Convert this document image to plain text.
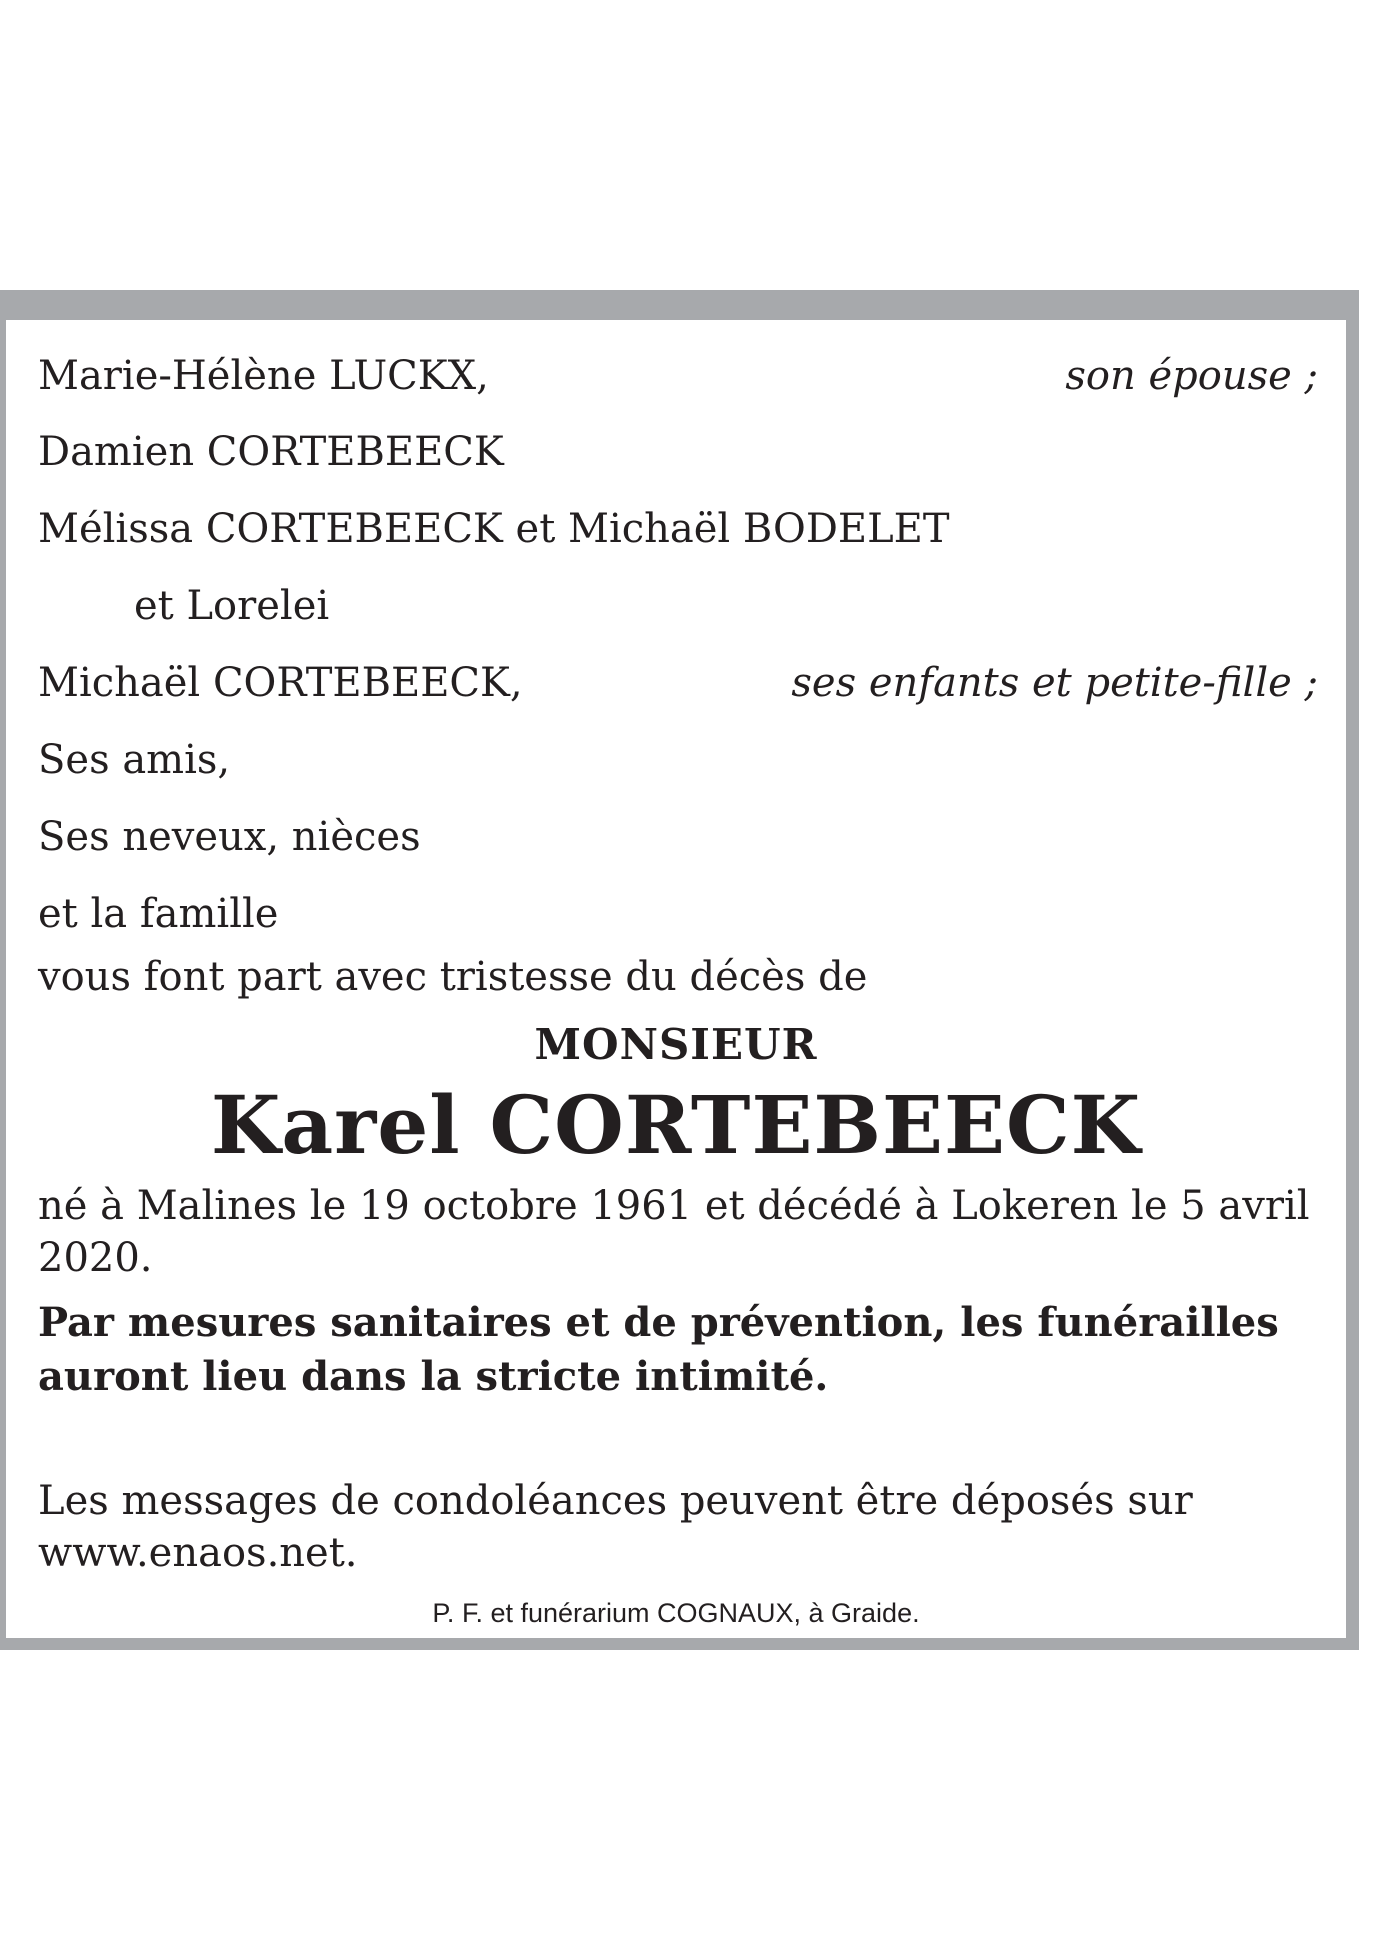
Marie-Hélène LUCKX,	son épouse ;
Damien CORTEBEECK
Mélissa CORTEBEECK et Michaël BODELET
et Lorelei
Michaël CORTEBEECK,	ses enfants et petite-fille ;
Ses amis,
Ses neveux, nièces
et la famille
vous font part avec tristesse du décès de
MONSIEUR
Karel CORTEBEECK
né à Malines le 19 octobre 1961 et décédé à Lokeren le 5 avril 2020.
Par mesures sanitaires et de prévention, les funérailles auront lieu dans la stricte intimité.
Les messages de condoléances peuvent être déposés sur www.enaos.net.
P. F. et funérarium COGNAUX, à Graide.
